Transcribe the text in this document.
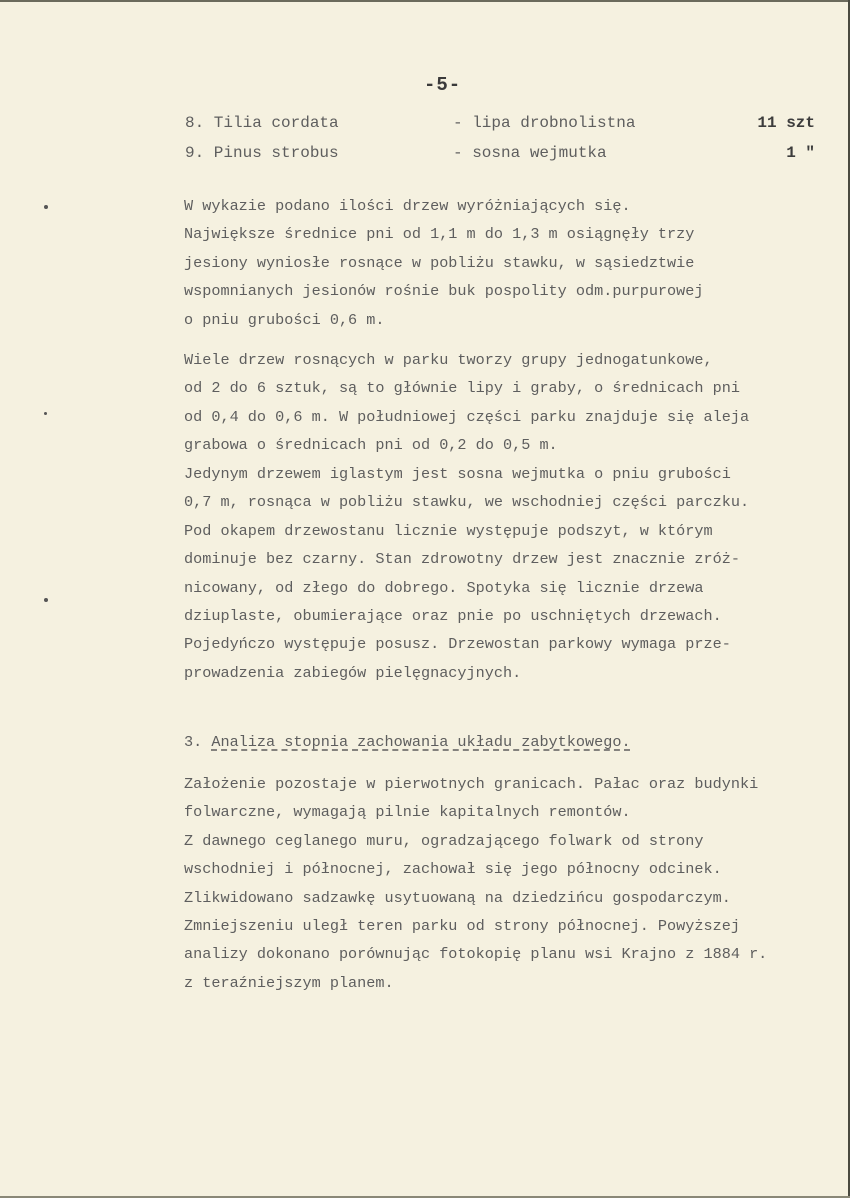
-5-
8. Tilia cordata	- lipa drobnolistna	11 szt
9. Pinus strobus	- sosna wejmutka	1 "
W wykazie podano ilości drzew wyróżniających się.
Największe średnice pni od 1,1 m do 1,3 m osiągnęły trzy
jesiony wyniosłe rosnące w pobliżu stawku, w sąsiedztwie
wspomnianych jesionów rośnie buk pospolity odm.purpurowej
o pniu grubości 0,6 m.
Wiele drzew rosnących w parku tworzy grupy jednogatunkowe,
od 2 do 6 sztuk, są to głównie lipy i graby, o średnicach pni
od 0,4 do 0,6 m. W południowej części parku znajduje się aleja
grabowa o średnicach pni od 0,2 do 0,5 m.
Jedynym drzewem iglastym jest sosna wejmutka o pniu grubości
0,7 m, rosnąca w pobliżu stawku, we wschodniej części parczku.
Pod okapem drzewostanu licznie występuje podszyt, w którym
dominuje bez czarny. Stan zdrowotny drzew jest znacznie zróż-
nicowany, od złego do dobrego. Spotyka się licznie drzewa
dziuplaste, obumierające oraz pnie po uschniętych drzewach.
Pojedyńczo występuje posusz. Drzewostan parkowy wymaga prze-
prowadzenia zabiegów pielęgnacyjnych.
3. Analiza stopnia zachowania układu zabytkowego.
Założenie pozostaje w pierwotnych granicach. Pałac oraz budynki
folwarczne, wymagają pilnie kapitalnych remontów.
Z dawnego ceglanego muru, ogradzającego folwark od strony
wschodniej i północnej, zachował się jego północny odcinek.
Zlikwidowano sadzawkę usytuowaną na dziedzińcu gospodarczym.
Zmniejszeniu uległ teren parku od strony północnej. Powyższej
analizy dokonano porównując fotokopię planu wsi Krajno z 1884 r.
z teraźniejszym planem.
